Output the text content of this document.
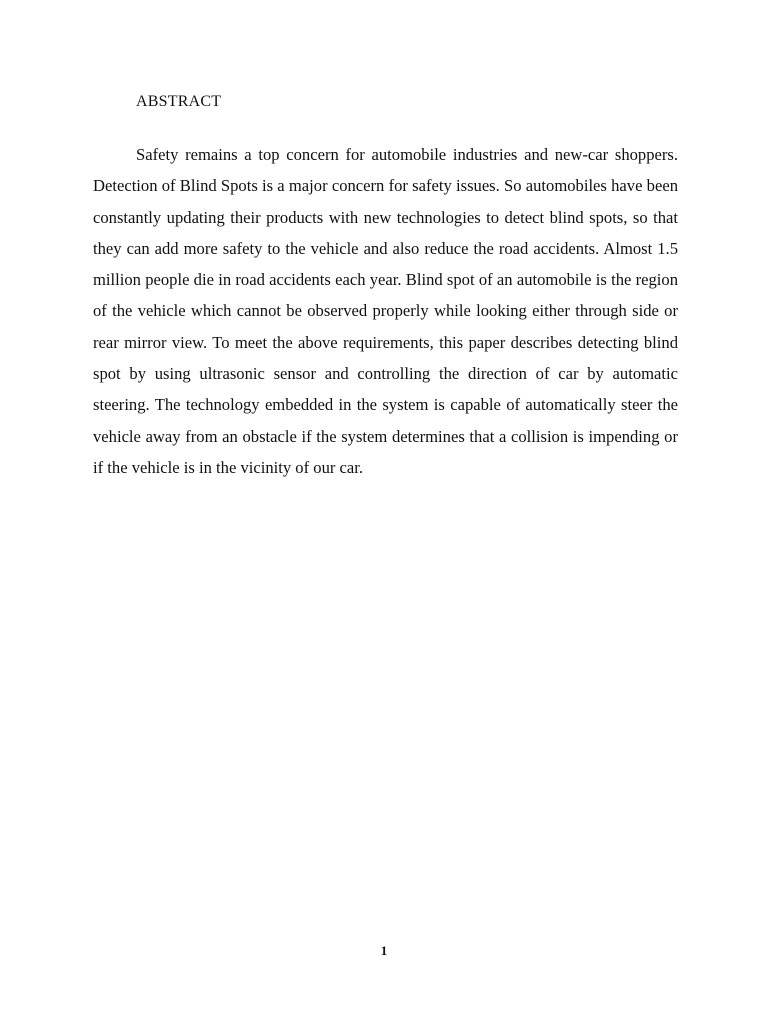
ABSTRACT

Safety remains a top concern for automobile industries and new-car shoppers. Detection of Blind Spots is a major concern for safety issues. So automobiles have been constantly updating their products with new technologies to detect blind spots, so that they can add more safety to the vehicle and also reduce the road accidents. Almost 1.5 million people die in road accidents each year. Blind spot of an automobile is the region of the vehicle which cannot be observed properly while looking either through side or rear mirror view. To meet the above requirements, this paper describes detecting blind spot by using ultrasonic sensor and controlling the direction of car by automatic steering. The technology embedded in the system is capable of automatically steer the vehicle away from an obstacle if the system determines that a collision is impending or if the vehicle is in the vicinity of our car.

1
